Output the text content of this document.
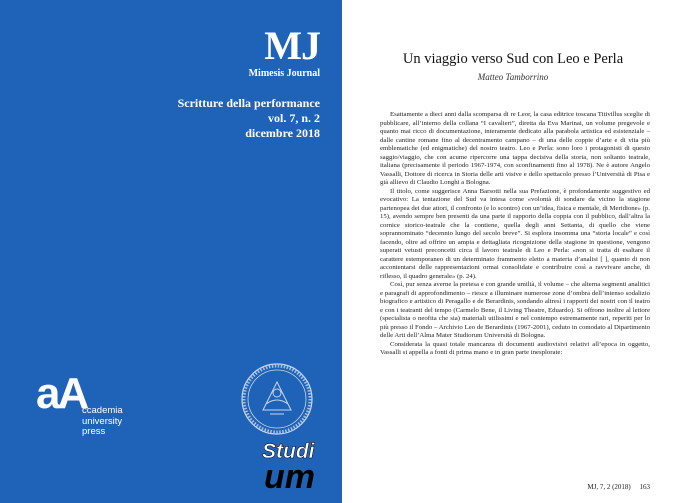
MJ
Mimesis Journal
Scritture della performance
vol. 7, n. 2
dicembre 2018
aA
ccademia
university
press
Studi
um
Un viaggio verso Sud con Leo e Perla
Matteo Tamborrino

Esattamente a dieci anni dalla scomparsa di re Leor, la casa editrice toscana Titivillus sceglie di pubblicare, all’interno della collana “I cavalieri”, diretta da Eva Marinai, un volume pregevole e quanto mai ricco di documentazione, interamente dedicato alla parabola artistica ed esistenziale – dalle cantine romane fino al decentramento campano – di una delle coppie d’arte e di vita più emblematiche (ed enigmatiche) del nostro teatro. Leo e Perla: sono loro i protagonisti di questo saggio/viaggio, che con acume ripercorre una tappa decisiva della storia, non soltanto teatrale, italiana (precisamente il periodo 1967-1974, con sconfinamenti fino al 1978). Ne è autore Angelo Vassalli, Dottore di ricerca in Storia delle arti visive e dello spettacolo presso l’Università di Pisa e già allievo di Claudio Longhi a Bologna.

Il titolo, come suggerisce Anna Barsotti nella sua Prefazione, è profondamente suggestivo ed evocativo: La tentazione del Sud va intesa come «volontà di sondare da vicino la stagione partenopea dei due attori, il confronto (e lo scontro) con un’idea, fisica e mentale, di Meridione» (p. 15), avendo sempre ben presenti da una parte il rapporto della coppia con il pubblico, dall’altra la cornice storico-teatrale che la contiene, quella degli anni Settanta, di quello che viene soprannominato “decennio lungo del secolo breve”. Si esplora insomma una “storia locale” e così facendo, oltre ad offrire un ampia e dettagliata ricognizione della stagione in questione, vengono superati vetusti preconcetti circa il lavoro teatrale di Leo e Perla: «non si tratta di esaltare il carattere estemporaneo di un determinato frammento eletto a materia d’analisi [ ], quanto di non accontentarsi delle rappresentazioni ormai consolidate e contribuire così a ravvivare anche, di riflesso, il quadro generale» (p. 24).

Così, pur senza averne la pretesa e con grande umiltà, il volume – che alterna segmenti analitici e paragrafi di approfondimento – riesce a illuminare numerose zone d’ombra dell’intenso sodalizio biografico e artistico di Peragallo e de Berardinis, sondando altresì i rapporti dei nostri con il teatro e con i teatranti del tempo (Carmelo Bene, il Living Theatre, Eduardo). Si offrono inoltre al lettore (specialista o neofita che sia) materiali utilissimi e nel contempo estremamente rari, reperiti per lo più presso il Fondo – Archivio Leo de Berardinis (1967-2001), ceduto in comodato al Dipartimento delle Arti dell’Alma Mater Studiorum Università di Bologna.

Considerata la quasi totale mancanza di documenti audiovisivi relativi all’epoca in oggetto, Vassalli si appella a fonti di prima mano e in gran parte inesplorate:

MJ, 7, 2 (2018) 163
